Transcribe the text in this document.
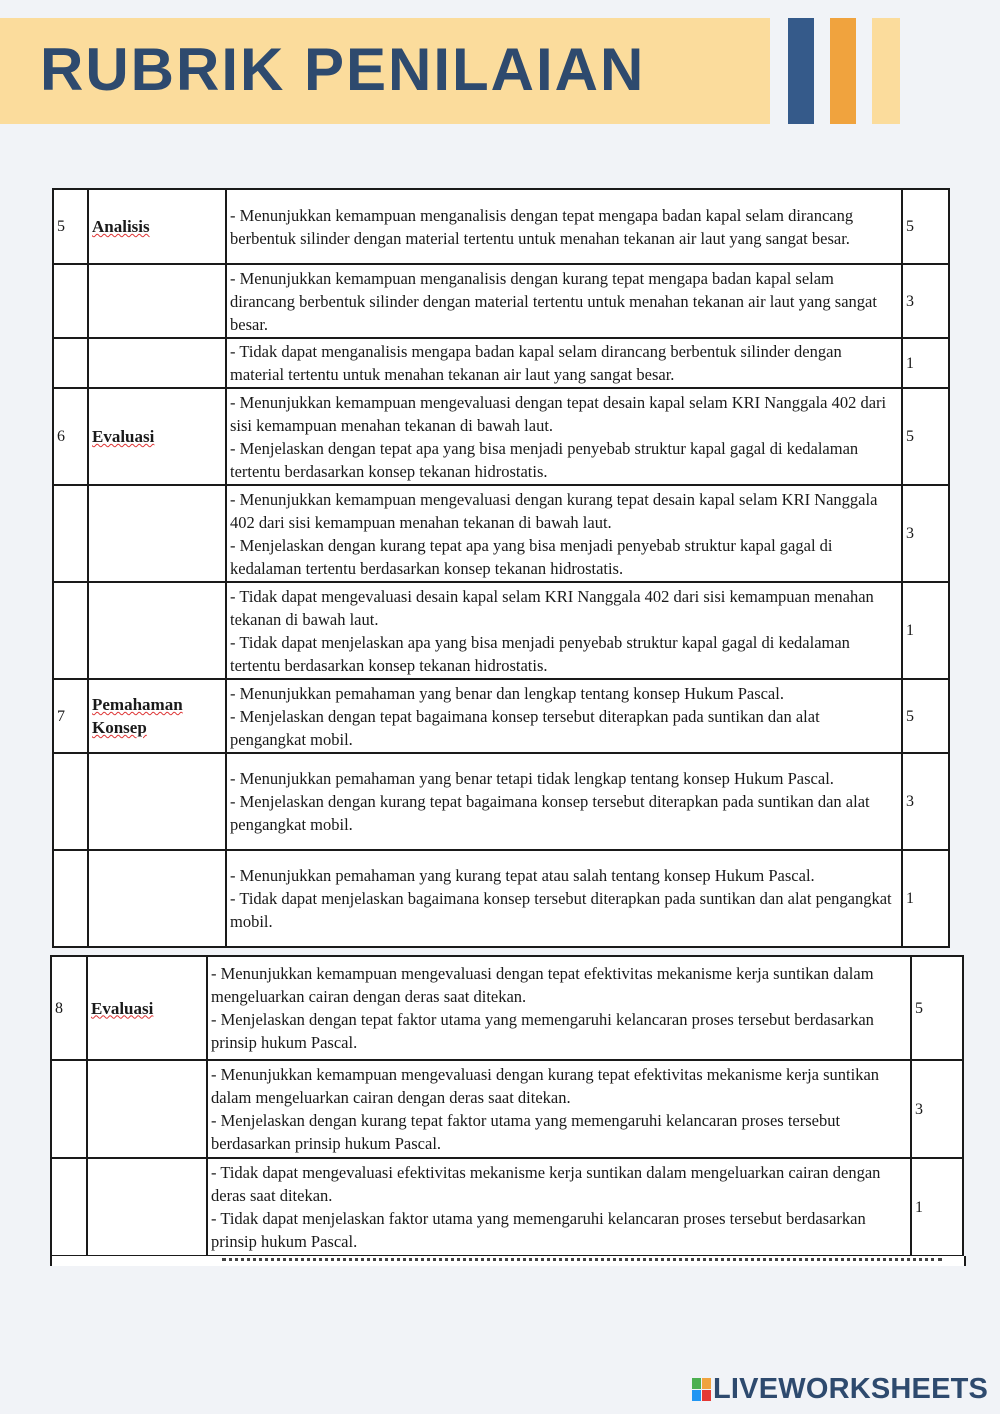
RUBRIK PENILAIAN
5	Analisis	- Menunjukkan kemampuan menganalisis dengan tepat mengapa badan kapal selam dirancang berbentuk silinder dengan material tertentu untuk menahan tekanan air laut yang sangat besar.	5

		- Menunjukkan kemampuan menganalisis dengan kurang tepat mengapa badan kapal selam dirancang berbentuk silinder dengan material tertentu untuk menahan tekanan air laut yang sangat besar.	3

		- Tidak dapat menganalisis mengapa badan kapal selam dirancang berbentuk silinder dengan material tertentu untuk menahan tekanan air laut yang sangat besar.	1
6	Evaluasi	- Menunjukkan kemampuan mengevaluasi dengan tepat desain kapal selam KRI Nanggala 402 dari sisi kemampuan menahan tekanan di bawah laut.
- Menjelaskan dengan tepat apa yang bisa menjadi penyebab struktur kapal gagal di kedalaman tertentu berdasarkan konsep tekanan hidrostatis.	5

		- Menunjukkan kemampuan mengevaluasi dengan kurang tepat desain kapal selam KRI Nanggala 402 dari sisi kemampuan menahan tekanan di bawah laut.
- Menjelaskan dengan kurang tepat apa yang bisa menjadi penyebab struktur kapal gagal di kedalaman tertentu berdasarkan konsep tekanan hidrostatis.	3

		- Tidak dapat mengevaluasi desain kapal selam KRI Nanggala 402 dari sisi kemampuan menahan tekanan di bawah laut.
- Tidak dapat menjelaskan apa yang bisa menjadi penyebab struktur kapal gagal di kedalaman tertentu berdasarkan konsep tekanan hidrostatis.	1
7	Pemahaman Konsep	- Menunjukkan pemahaman yang benar dan lengkap tentang konsep Hukum Pascal.
- Menjelaskan dengan tepat bagaimana konsep tersebut diterapkan pada suntikan dan alat pengangkat mobil.	5

		- Menunjukkan pemahaman yang benar tetapi tidak lengkap tentang konsep Hukum Pascal.
- Menjelaskan dengan kurang tepat bagaimana konsep tersebut diterapkan pada suntikan dan alat pengangkat mobil.	3

		- Menunjukkan pemahaman yang kurang tepat atau salah tentang konsep Hukum Pascal.
- Tidak dapat menjelaskan bagaimana konsep tersebut diterapkan pada suntikan dan alat pengangkat mobil.	1
8	Evaluasi	- Menunjukkan kemampuan mengevaluasi dengan tepat efektivitas mekanisme kerja suntikan dalam mengeluarkan cairan dengan deras saat ditekan.
- Menjelaskan dengan tepat faktor utama yang memengaruhi kelancaran proses tersebut berdasarkan prinsip hukum Pascal.	5

		- Menunjukkan kemampuan mengevaluasi dengan kurang tepat efektivitas mekanisme kerja suntikan dalam mengeluarkan cairan dengan deras saat ditekan.
- Menjelaskan dengan kurang tepat faktor utama yang memengaruhi kelancaran proses tersebut berdasarkan prinsip hukum Pascal.	3

		- Tidak dapat mengevaluasi efektivitas mekanisme kerja suntikan dalam mengeluarkan cairan dengan deras saat ditekan.
- Tidak dapat menjelaskan faktor utama yang memengaruhi kelancaran proses tersebut berdasarkan prinsip hukum Pascal.	1
LIVEWORKSHEETS
